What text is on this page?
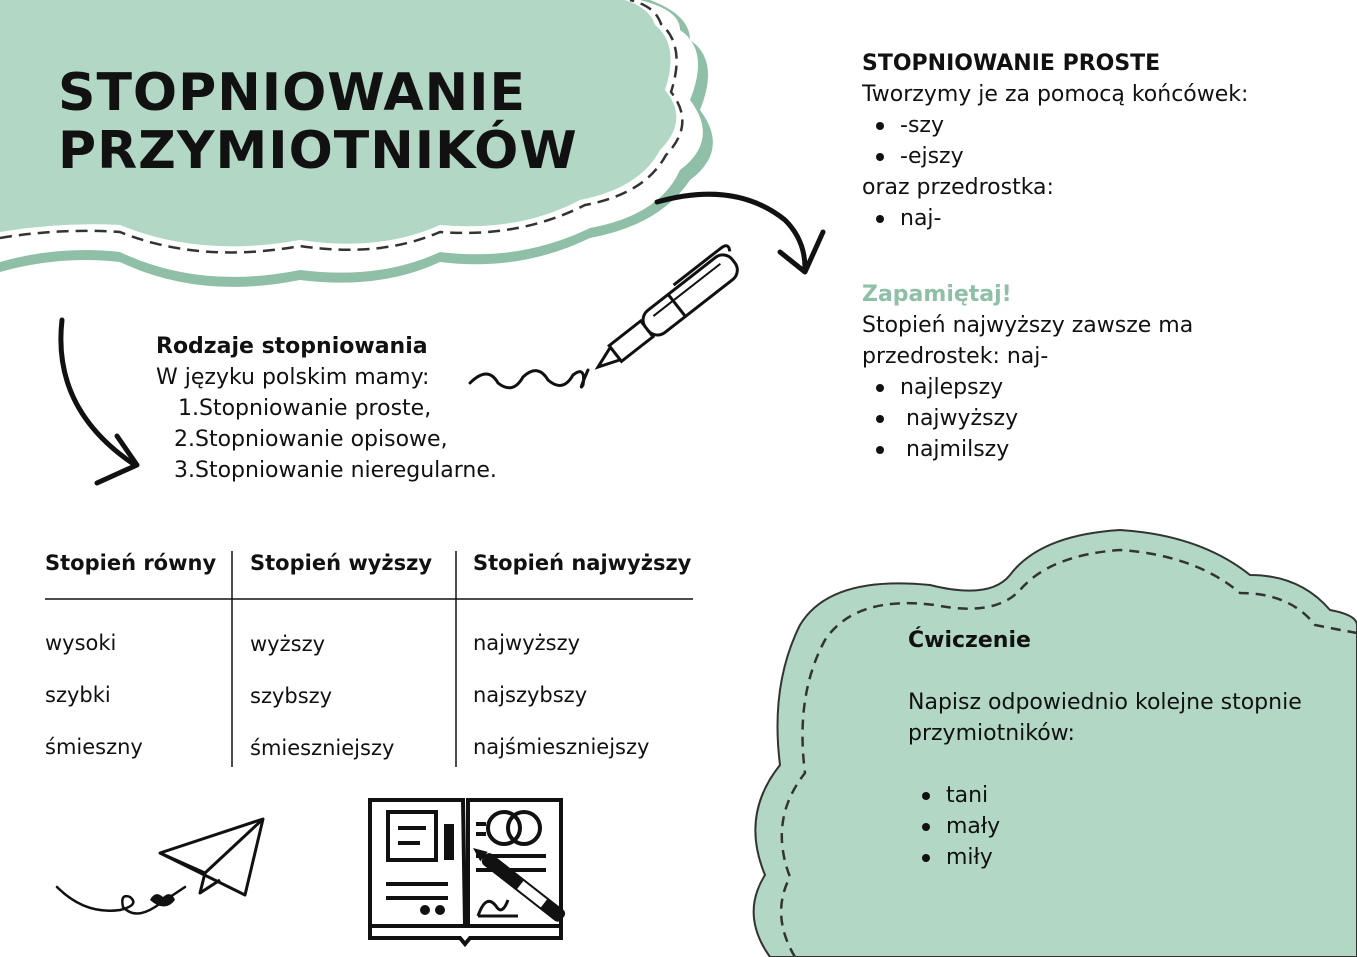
STOPNIOWANIE
PRZYMIOTNIKÓW
Rodzaje stopniowania
W języku polskim mamy:
1.Stopniowanie proste,
2.Stopniowanie opisowe,
3.Stopniowanie nieregularne.
STOPNIOWANIE PROSTE
Tworzymy je za pomocą końcówek:
-szy
-ejszy
oraz przedrostka:
naj-
Zapamiętaj!
Stopień najwyższy zawsze ma
przedrostek: naj-
najlepszy
najwyższy
najmilszy
Stopień równy
wysoki
szybki
śmieszny
Stopień wyższy
wyższy
szybszy
śmieszniejszy
Stopień najwyższy
najwyższy
najszybszy
najśmieszniejszy
Ćwiczenie
Napisz odpowiednio kolejne stopnie
przymiotników:
tani
mały
miły
